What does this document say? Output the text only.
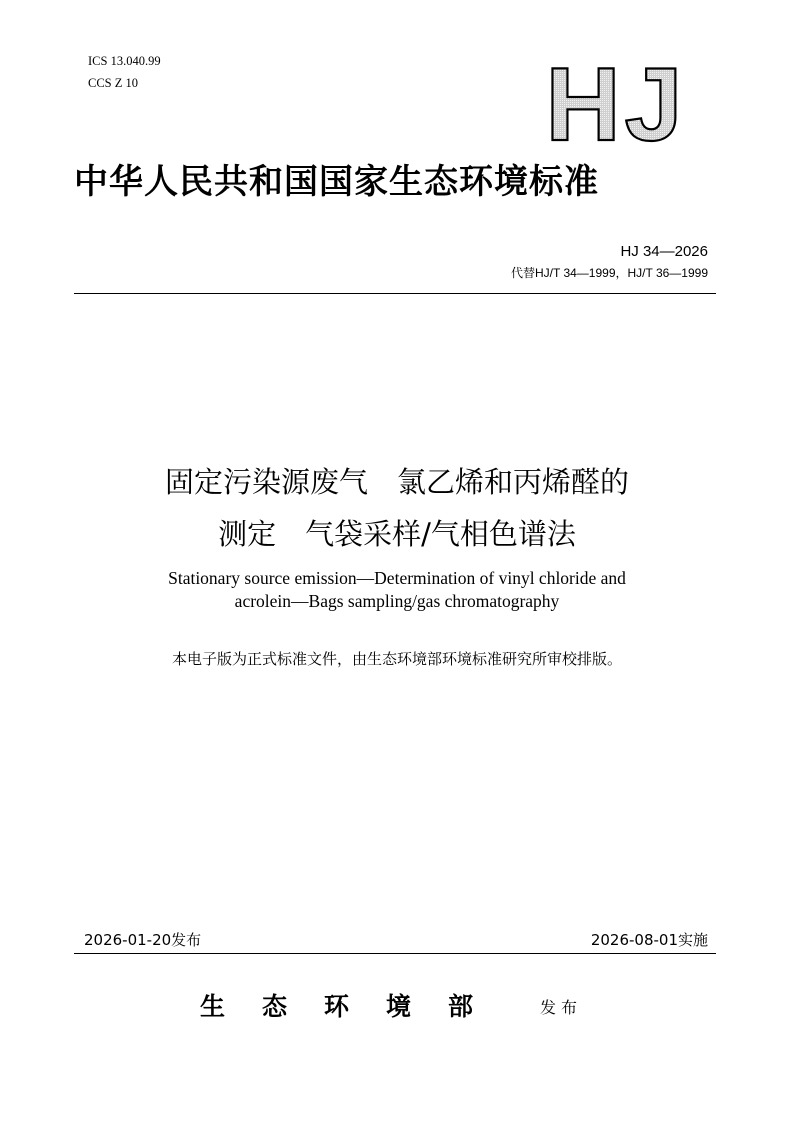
ICS 13.040.99
CCS Z 10	HJ
中华人民共和国国家生态环境标准
HJ 34—2026
代替HJ/T 34—1999，HJ/T 36—1999
固定污染源废气　氯乙烯和丙烯醛的
测定　气袋采样/气相色谱法
Stationary source emission—Determination of vinyl chloride and
acrolein—Bags sampling/gas chromatography
本电子版为正式标准文件，由生态环境部环境标准研究所审校排版。
2026-01-20发布	2026-08-01实施
生态环境部 发布
